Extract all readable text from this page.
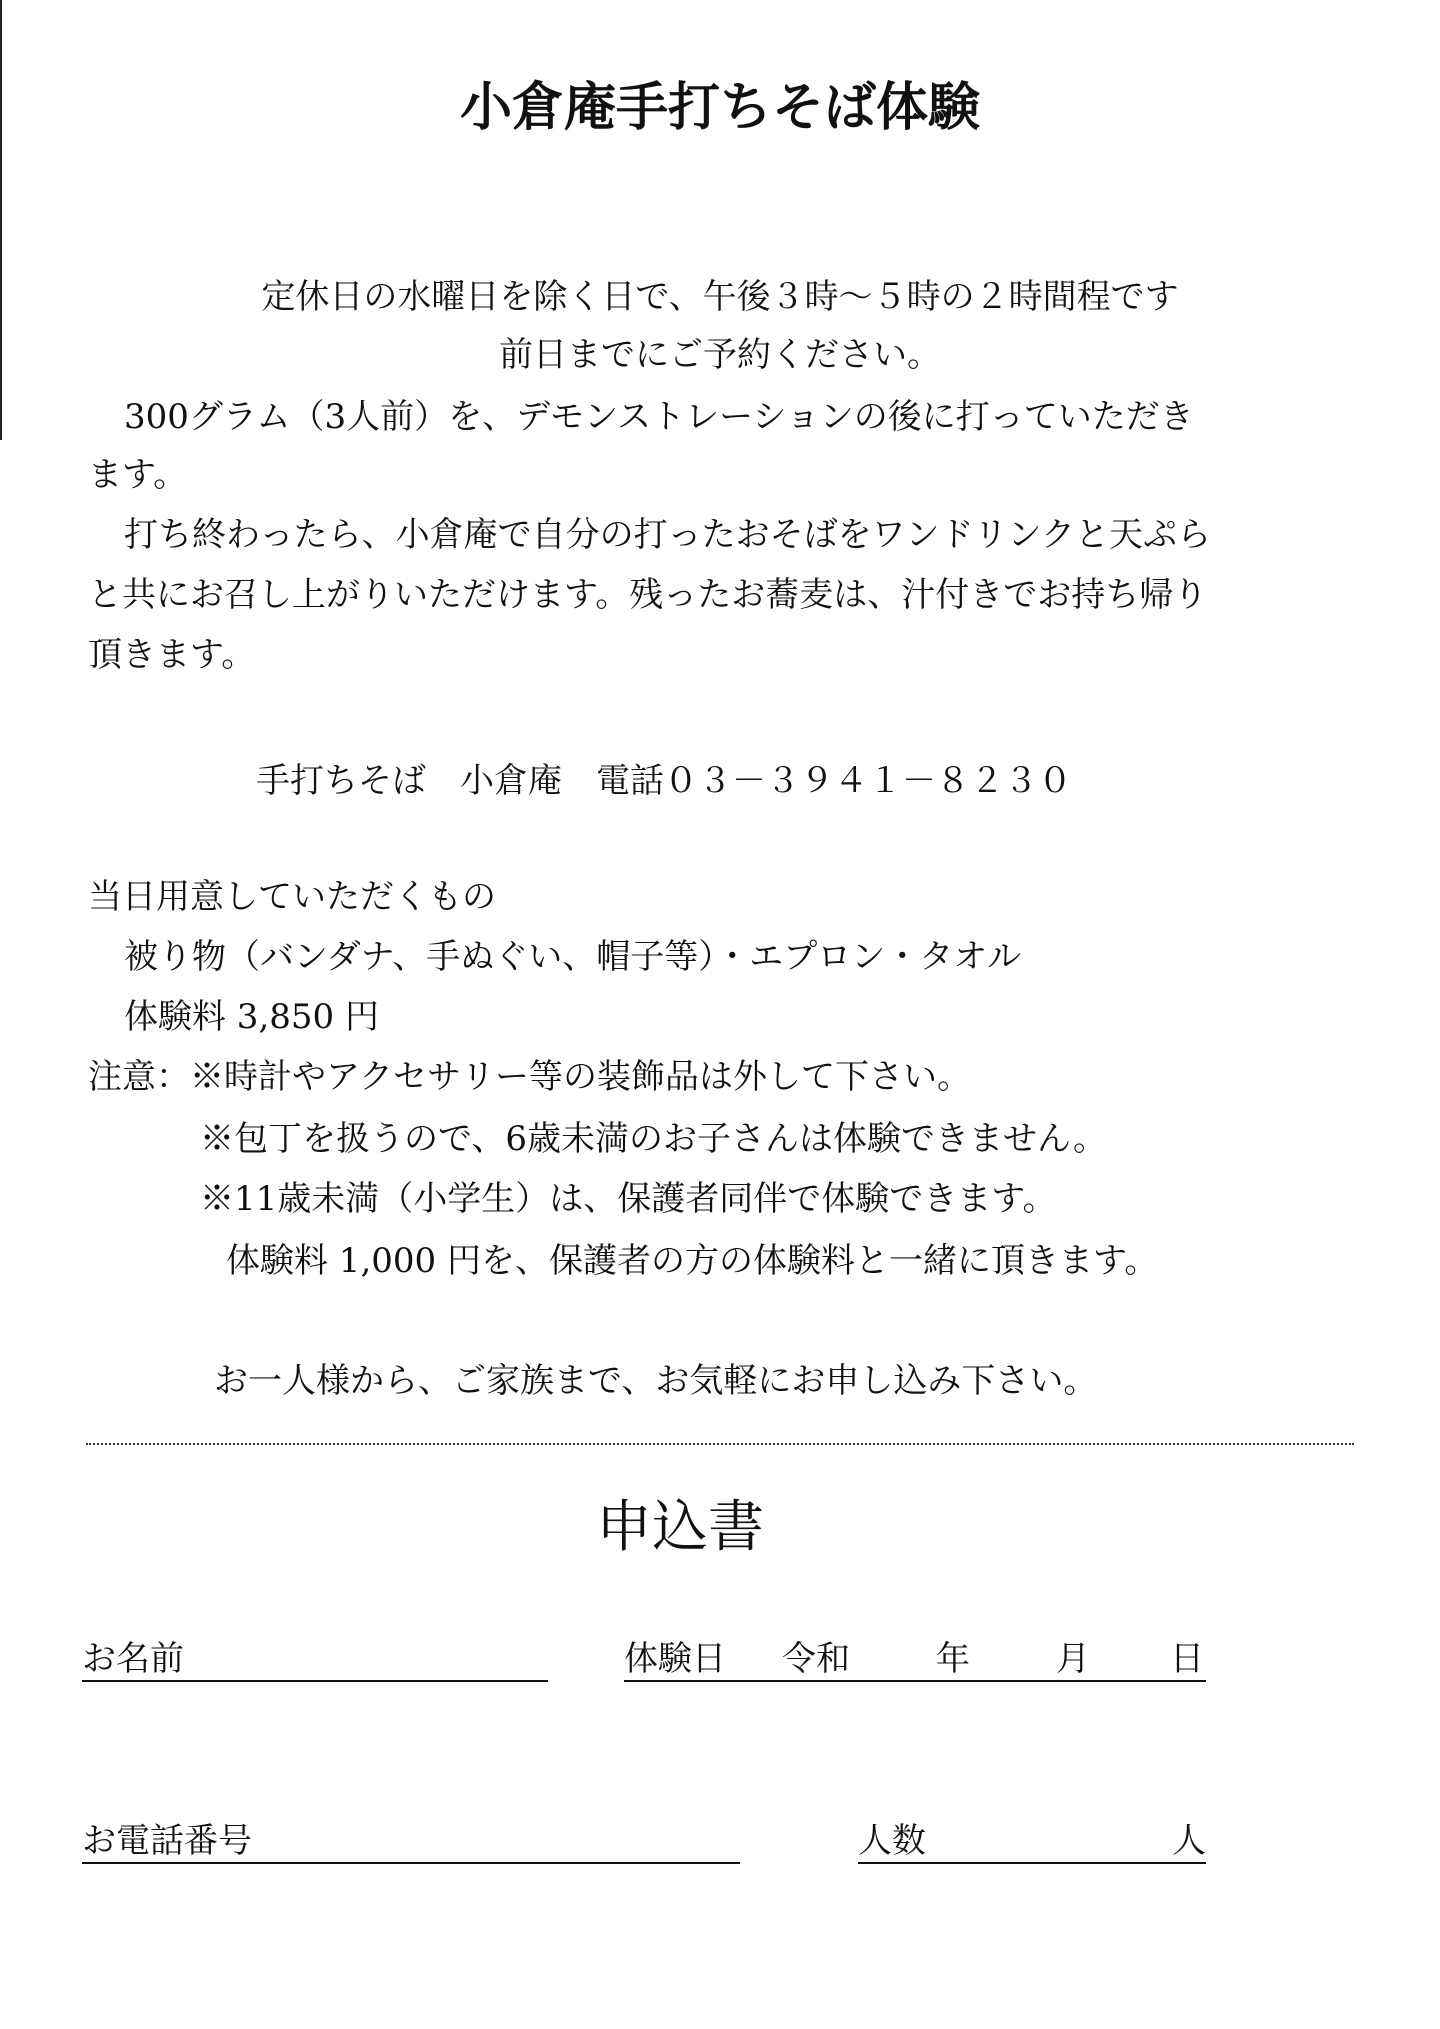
小倉庵手打ちそば体験
定休日の水曜日を除く日で、午後３時～５時の２時間程です
前日までにご予約ください。
300グラム（3人前）を、デモンストレーションの後に打っていただき
ます。
打ち終わったら、小倉庵で自分の打ったおそばをワンドリンクと天ぷら
と共にお召し上がりいただけます。残ったお蕎麦は、汁付きでお持ち帰り
頂きます。
手打ちそば　小倉庵　電話０３－３９４１－８２３０
当日用意していただくもの
被り物（バンダナ、手ぬぐい、帽子等）・エプロン・タオル
体験料 3,850 円
注意：※時計やアクセサリー等の装飾品は外して下さい。
※包丁を扱うので、6歳未満のお子さんは体験できません。
※11歳未満（小学生）は、保護者同伴で体験できます。
体験料 1,000 円を、保護者の方の体験料と一緒に頂きます。
お一人様から、ご家族まで、お気軽にお申し込み下さい。
申込書
お名前	体験日 令和	年	月 日
お電話番号	人数	人
